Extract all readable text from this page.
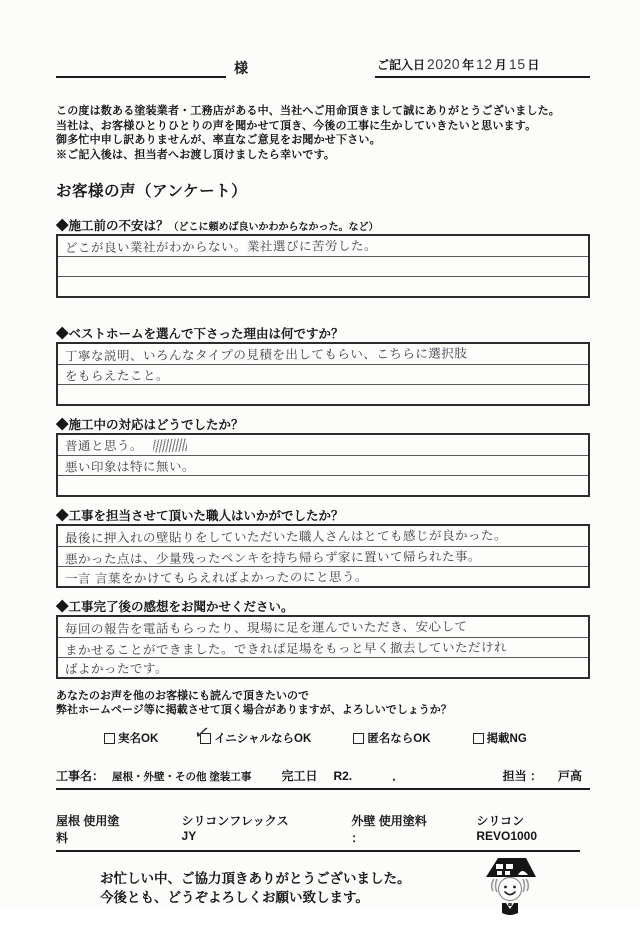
様	ご記入日 2020 年 12 月 15 日
この度は数ある塗装業者・工務店がある中、当社へご用命頂きまして誠にありがとうございました。
当社は、お客様ひとりひとりの声を聞かせて頂き、今後の工事に生かしていきたいと思います。
御多忙中申し訳ありませんが、率直なご意見をお聞かせ下さい。
※ご記入後は、担当者へお渡し頂けましたら幸いです。
お客様の声（アンケート）
◆施工前の不安は？ （どこに頼めば良いかわからなかった。など）
どこが良い業社がわからない。業社選びに苦労した。
◆ベストホームを選んで下さった理由は何ですか？
丁寧な説明、いろんなタイプの見積を出してもらい、こちらに選択肢
をもらえたこと。
◆施工中の対応はどうでしたか？
普通と思う。
悪い印象は特に無い。
◆工事を担当させて頂いた職人はいかがでしたか？
最後に押入れの壁貼りをしていただいた職人さんはとても感じが良かった。
悪かった点は、少量残ったペンキを持ち帰らず家に置いて帰られた事。
一言 言葉をかけてもらえればよかったのにと思う。
◆工事完了後の感想をお聞かせください。
毎回の報告を電話もらったり、現場に足を運んでいただき、安心して
まかせることができました。できれば足場をもっと早く撤去していただけれ
ばよかったです。
あなたのお声を他のお客様にも読んで頂きたいので
弊社ホームページ等に掲載させて頂く場合がありますが、よろしいでしょうか？
実名OK ✓ イニシャルならOK	匿名ならOK	掲載NG
工事名： 屋根・外壁・その他 塗装工事	完工日 R2.	．	担当 ： 戸高
屋根 使用塗料
シリコンフレックスJY
外壁 使用塗料 ：
シリコンREVO1000
お忙しい中、ご協力頂きありがとうございました。
今後とも、どうぞよろしくお願い致します。
